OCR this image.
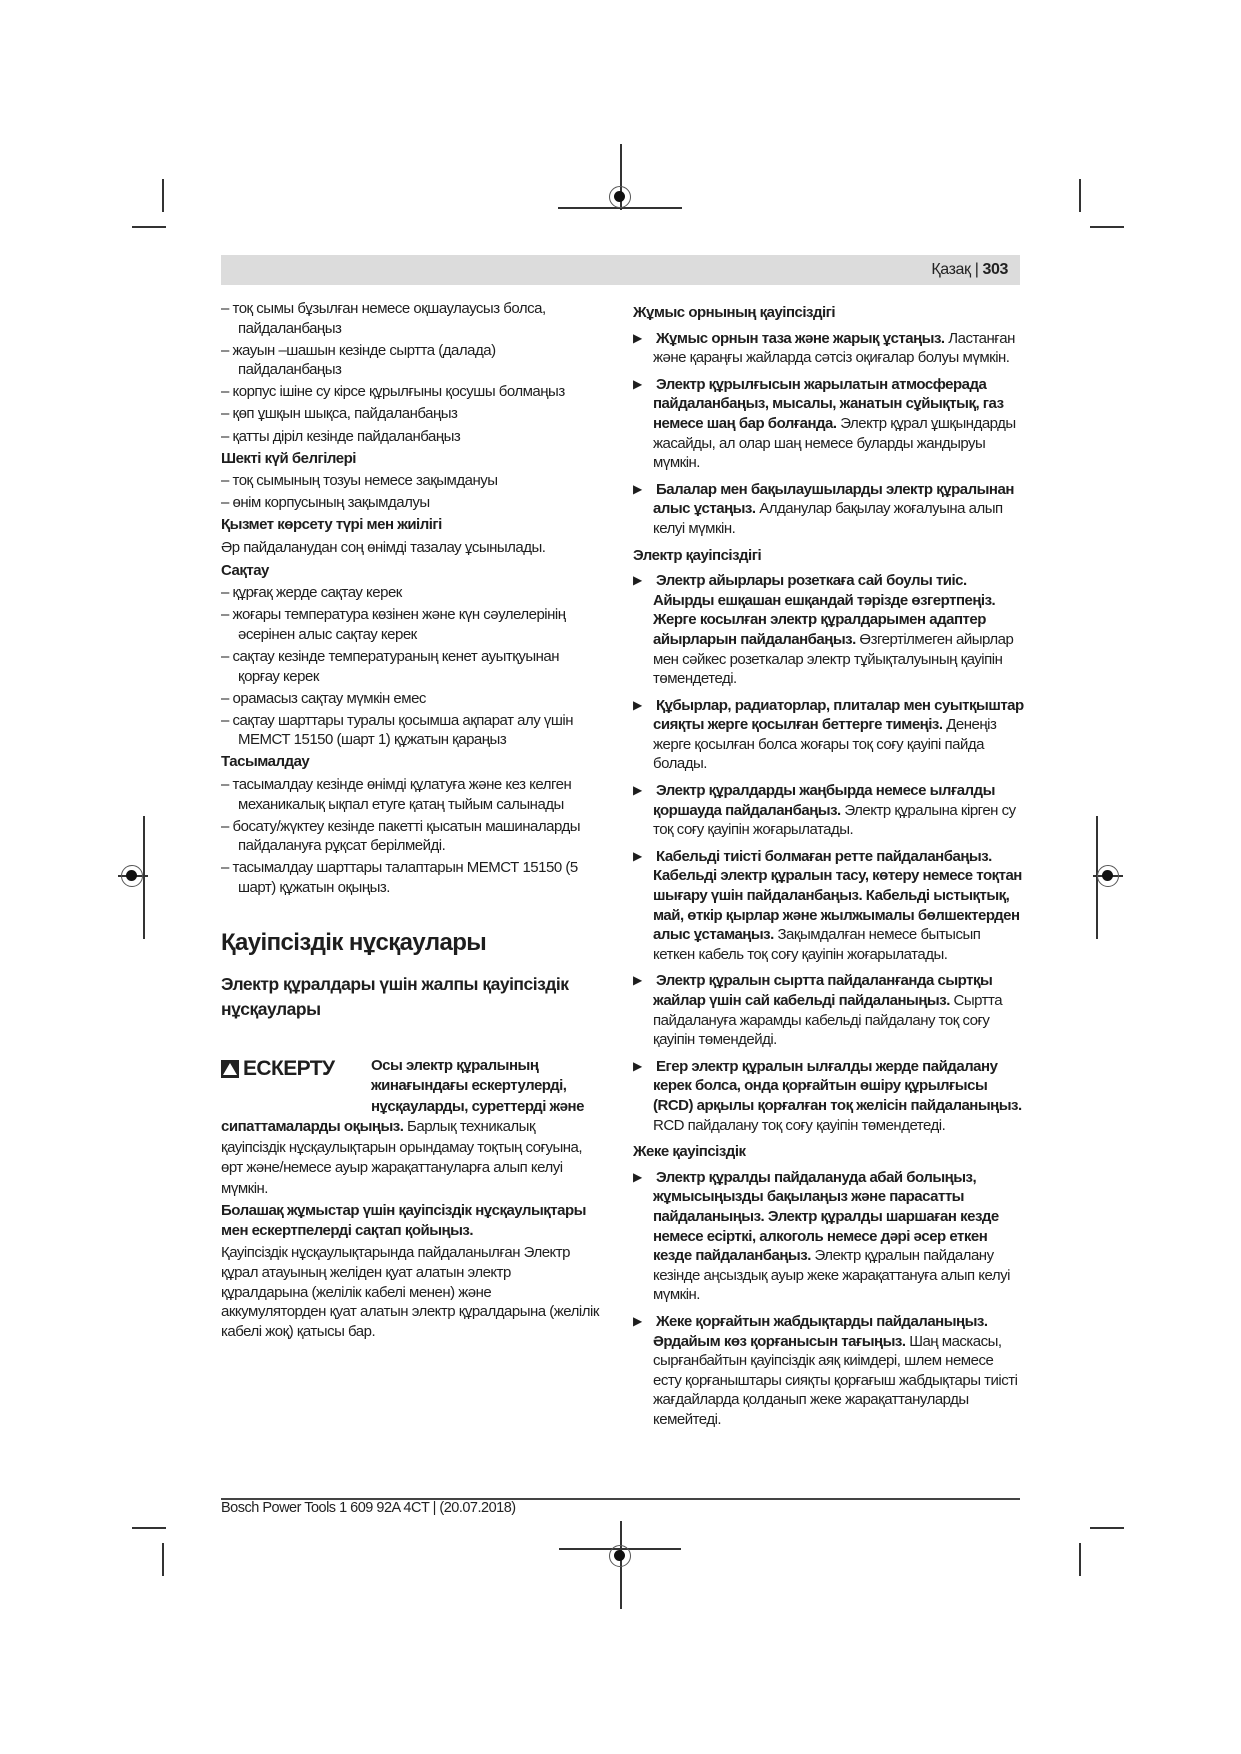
Қазақ | 303
– тоқ сымы бұзылған немесе оқшаулаусыз болса, пайдаланбаңыз
– жауын –шашын кезінде сыртта (далада) пайдаланбаңыз
– корпус ішіне су кірсе құрылғыны қосушы болмаңыз
– қөп ұшқын шықса, пайдаланбаңыз
– қатты діріл кезінде пайдаланбаңыз
Шекті күй белгілері
– тоқ сымының тозуы немесе зақымдануы
– өнім корпусының зақымдалуы
Қызмет көрсету түрі мен жиілігі
Әр пайдаланудан соң өнімді тазалау ұсынылады.
Сақтау
– құрғақ жерде сақтау керек
– жоғары температура көзінен және күн сәулелерінің әсерінен алыс сақтау керек
– сақтау кезінде температураның кенет ауытқуынан қорғау керек
– орамасыз сақтау мүмкін емес
– сақтау шарттары туралы қосымша ақпарат алу үшін МЕМСТ 15150 (шарт 1) құжатын қараңыз
Тасымалдау
– тасымалдау кезінде өнімді құлатуға және кез келген механикалық ықпал етуге қатаң тыйым салынады
– босату/жүктеу кезінде пакетті қысатын машиналарды пайдалануға рұқсат берілмейді.
– тасымалдау шарттары талаптарын МЕМСТ 15150 (5 шарт) құжатын оқыңыз.
Қауіпсіздік нұсқаулары
Электр құралдары үшін жалпы қауіпсіздік нұсқаулары
ЕСКЕРТУ Осы электр құралының жинағындағы ескертулерді, нұсқауларды, суреттерді және сипаттамаларды оқыңыз. Барлық техникалық қауіпсіздік нұсқаулықтарын орындамау тоқтың соғуына, өрт және/немесе ауыр жарақаттануларға алып келуі мүмкін.
Болашақ жұмыстар үшін қауіпсіздік нұсқаулықтары мен ескертпелерді сақтап қойыңыз.
Қауіпсіздік нұсқаулықтарында пайдаланылған Электр құрал атауының желіден қуат алатын электр құралдарына (желілік кабелі менен) және аккумуляторден қуат алатын электр құралдарына (желілік кабелі жоқ) қатысы бар.
Жұмыс орнының қауіпсіздігі
▶ Жұмыс орнын таза және жарық ұстаңыз. Ластанған және қараңғы жайларда сәтсіз оқиғалар болуы мүмкін.
▶ Электр құрылғысын жарылатын атмосферада пайдаланбаңыз, мысалы, жанатын сұйықтық, газ немесе шаң бар болғанда. Электр құрал ұшқындарды жасайды, ал олар шаң немесе буларды жандыруы мүмкін.
▶ Балалар мен бақылаушыларды электр құралынан алыс ұстаңыз. Алданулар бақылау жоғалуына алып келуі мүмкін.
Электр қауіпсіздігі
▶ Электр айырлары розеткаға сай боулы тиіс. Айырды ешқашан ешқандай тәрізде өзгертпеңіз. Жерге косылған электр құралдарымен адаптер айырларын пайдаланбаңыз. Өзгертілмеген айырлар мен сәйкес розеткалар электр тұйықталуының қауіпін төмендетеді.
▶ Құбырлар, радиаторлар, плиталар мен суытқыштар сияқты жерге қосылған беттерге тимеңіз. Денеңіз жерге қосылған болса жоғары тоқ соғу қауіпі пайда болады.
▶ Электр құралдарды жаңбырда немесе ылғалды қоршауда пайдаланбаңыз. Электр құралына кірген су тоқ соғу қауіпін жоғарылатады.
▶ Кабельді тиісті болмаған ретте пайдаланбаңыз. Кабельді электр құралын тасу, көтеру немесе тоқтан шығару үшін пайдаланбаңыз. Кабельді ыстықтық, май, өткір қырлар және жылжымалы бөлшектерден алыс ұстамаңыз. Зақымдалған немесе бытысып кеткен кабель тоқ соғу қауіпін жоғарылатады.
▶ Электр құралын сыртта пайдаланғанда сыртқы жайлар үшін сай кабельді пайдаланыңыз. Сыртта пайдалануға жарамды кабельді пайдалану тоқ соғу қауіпін төмендейді.
▶ Егер электр құралын ылғалды жерде пайдалану керек болса, онда қорғайтын өшіру құрылғысы (RCD) арқылы қорғалған тоқ желісін пайдаланыңыз. RCD пайдалану тоқ соғу қауіпін төмендетеді.
Жеке қауіпсіздік
▶ Электр құралды пайдалануда абай болыңыз, жұмысыңызды бақылаңыз және парасатты пайдаланыңыз. Электр құралды шаршаған кезде немесе есірткі, алкоголь немесе дәрі әсер еткен кезде пайдаланбаңыз. Электр құралын пайдалану кезінде аңсыздық ауыр жеке жарақаттануға алып келуі мүмкін.
▶ Жеке қорғайтын жабдықтарды пайдаланыңыз. Әрдайым көз қорғанысын тағыңыз. Шаң маскасы, сырғанбайтын қауіпсіздік аяқ киімдері, шлем немесе есту қорғаныштары сияқты қорғағыш жабдықтары тиісті жағдайларда қолданып жеке жарақаттануларды кемейтеді.
Bosch Power Tools 1 609 92A 4CT | (20.07.2018)
